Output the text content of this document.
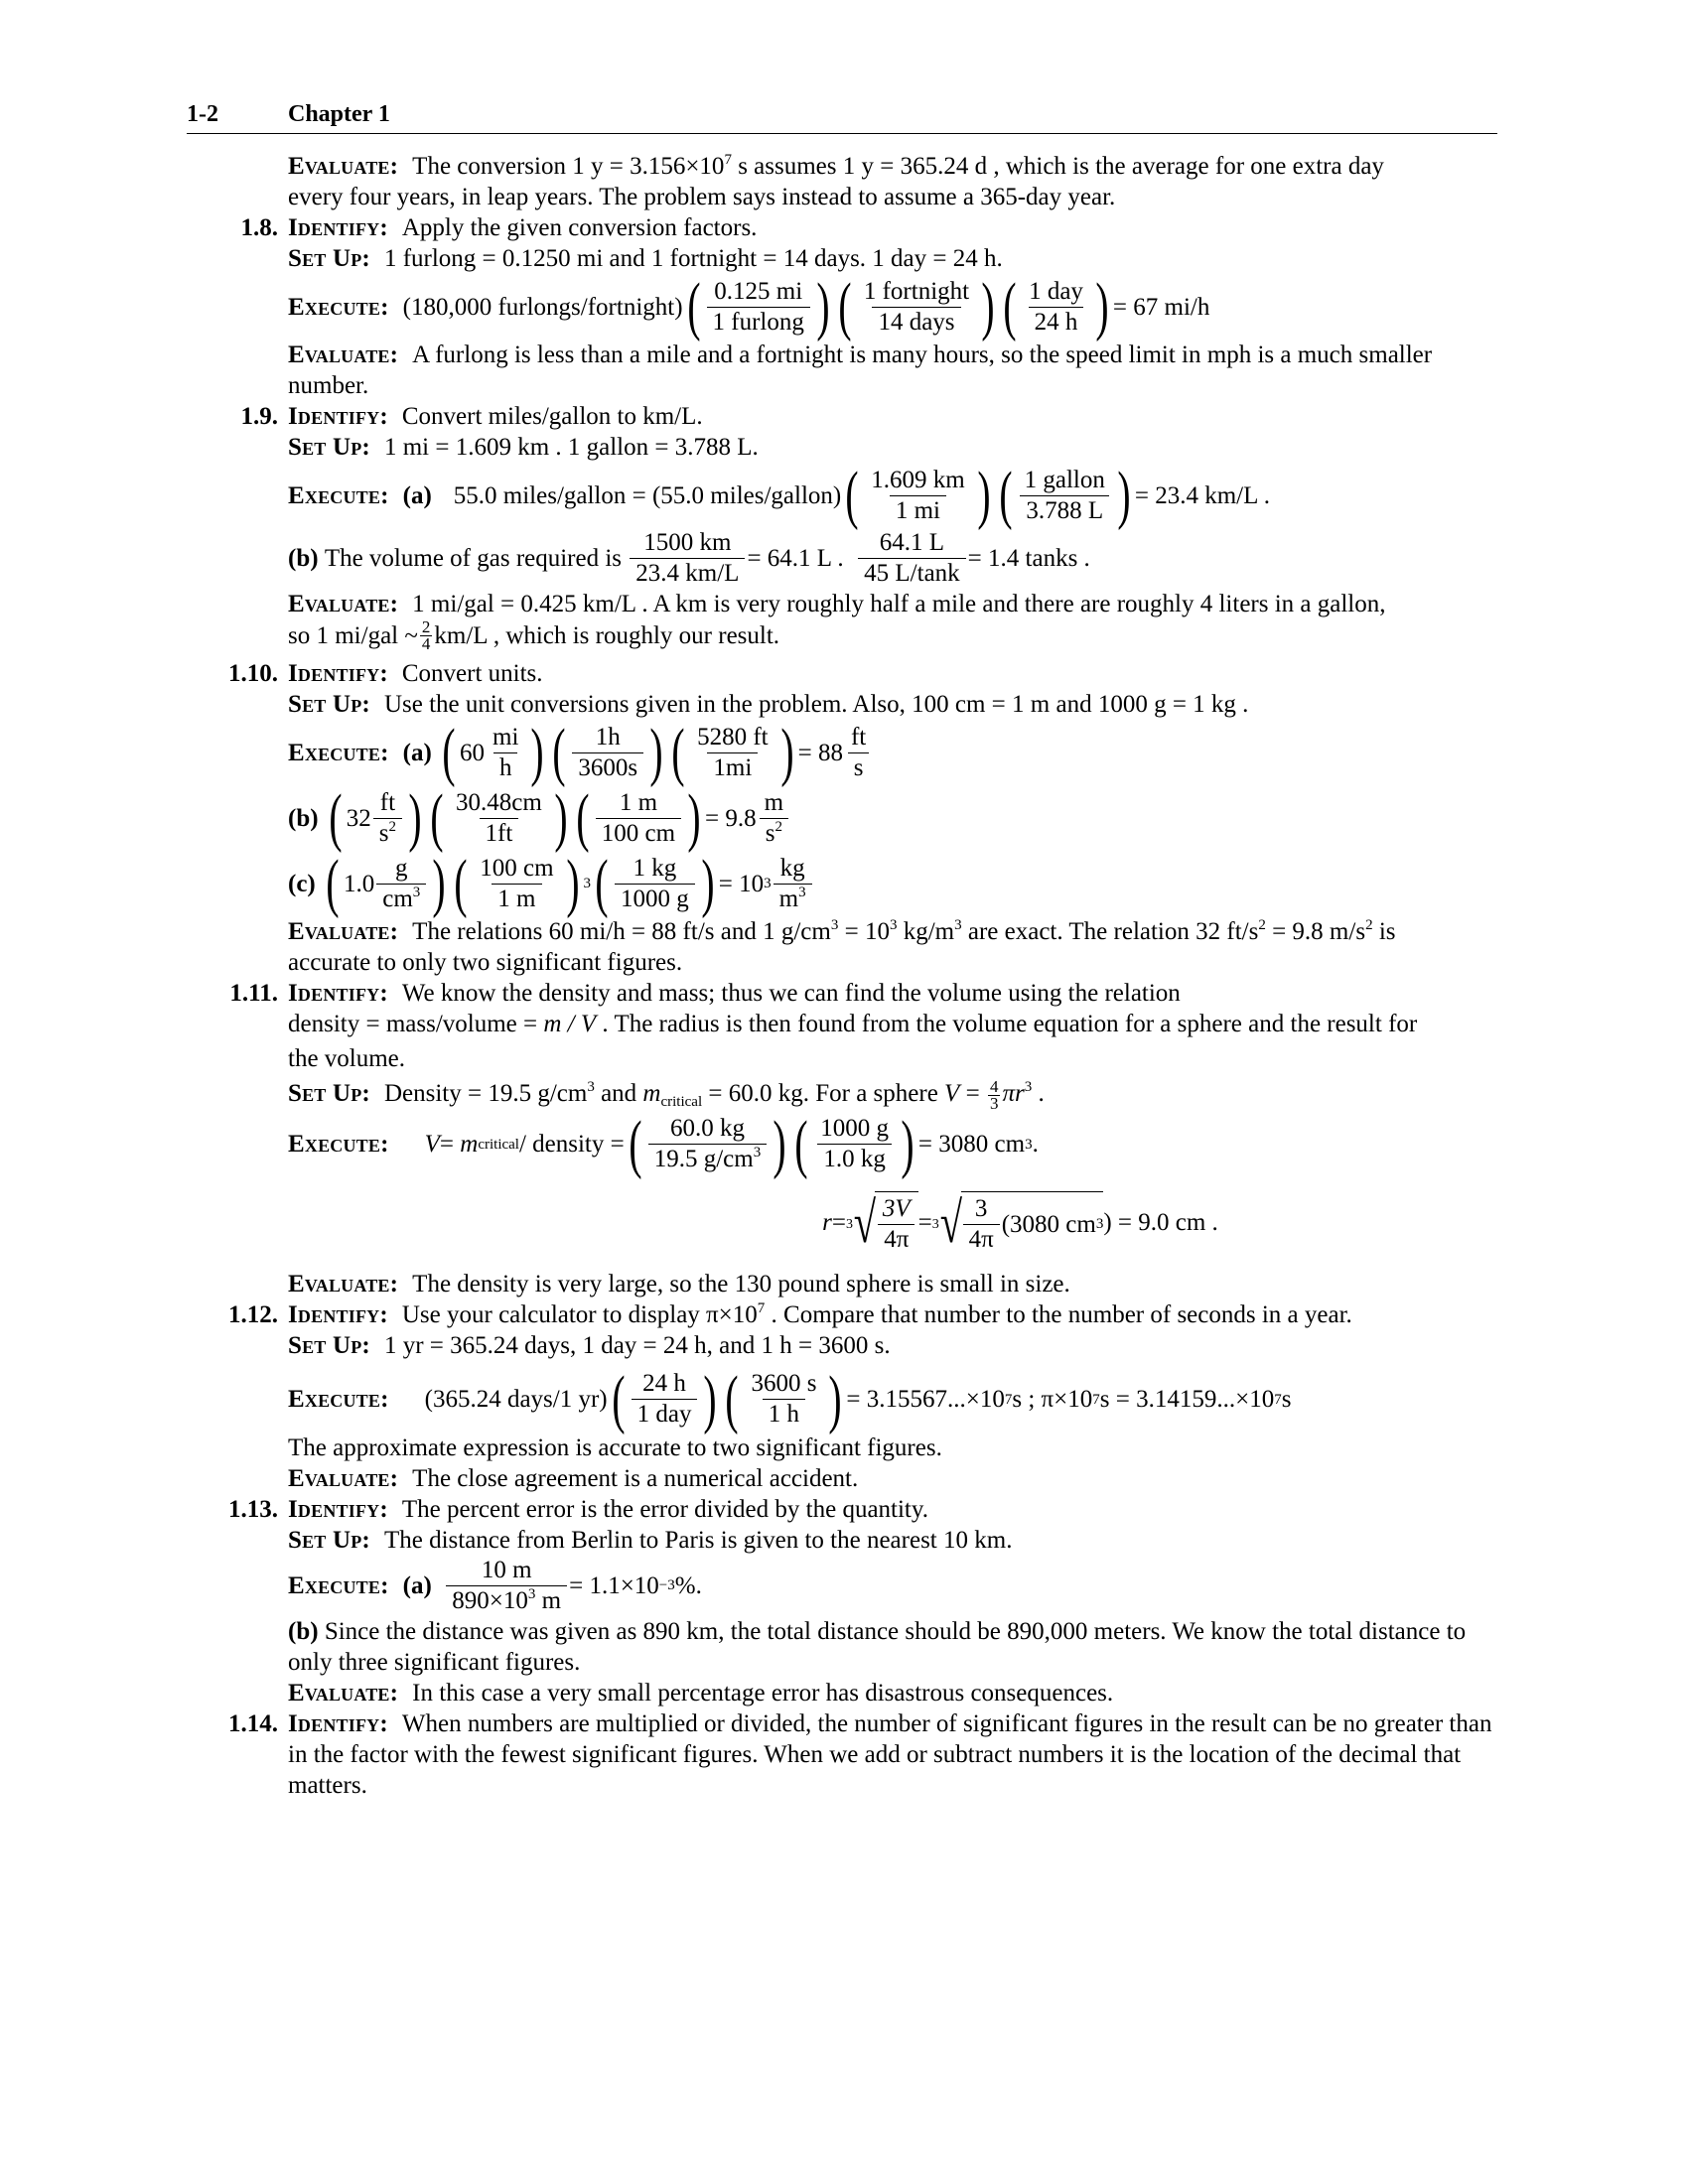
1-2	Chapter 1
Evaluate: The conversion 1 $y = 3.156\times 10^7$ s assumes 1 y = 365.24 d , which is the average for one extra day
every four years, in leap years. The problem says instead to assume a 365-day year.
1.8. Identify: Apply the given conversion factors.
Set Up: 1 furlong = 0.1250 mi and 1 fortnight = 14 days. 1 day = 24 h.
Execute: (180,000 furlongs/fortnight) ( $\frac{0.125 mi}{\text{1 furlong}}$ ) ( $\frac{\text{1 fortnight}}{\text{14 days}}$ ) ( $\frac{\text{1 day}}{24 h}$ ) = 67 mi/h
Evaluate: A furlong is less than a mile and a fortnight is many hours, so the speed limit in mph is a much smaller number.
1.9. Identify: Convert miles/gallon to km/L.
Set Up: 1 mi = 1.609 km . 1 gallon = 3.788 L.
Execute: (a) 55.0 miles/gallon = (55.0 miles/gallon) ( $\frac{1.609 km}{1 mi}$ ) ( $\frac{\text{1 gallon}}{3.788 L}$ ) = 23.4 km/L .
(b)
The volume of gas required is
$\frac{1500 km}{23.4 km/L} = 64.1$ L .
$\frac{64.1 L}{45 L/\tan k} = 1.4$ tanks .
Evaluate: 1 mi/gal = 0.425 km/L . A km is very roughly half a mile and there are roughly 4 liters in a gallon,
so 1 mi/gal ~ $\frac{2}{4} km/L$ , which is roughly our result.
1.10. Identify: Convert units.
Set Up: Use the unit conversions given in the problem. Also, 100 cm = 1 m and 1000 g = 1 kg .
Execute: (a)
( $60 \frac{mi}{h}$ ) ( $\frac{1h}{3600s}$ ) ( $\frac{5280 ft}{1mi}$ ) = $88 \frac{ft}{s}$
(b)
( $32 \frac{ft}{s^2}$ ) ( $\frac{30.48cm}{1ft}$ ) ( $\frac{1 m}{100 cm}$ ) = $9.8 \frac{m}{s^2}$
(c)
( $1.0 \frac{g}{cm^3}$ ) ( $\frac{100 cm}{1 m}$ ) 3 ( $\frac{1 kg}{1000 g}$ ) = 10 $3 \frac{kg}{m^3}$
Evaluate: The relations 60 mi/h = 88 ft/s and 1 $g/cm^3 = 10^3$ $kg/m^3$ are exact. The relation 32 $ft/s^2 = 9.8$ $m/s^2$ is
accurate to only two significant figures.
1.11. Identify: We know the density and mass; thus we can find the volume using the relation
density = mass/volume = m / V . The radius is then found from the volume equation for a sphere and the result for
the volume.
Set Up: Density = 19.5 $g/cm^3$ and $m_{critical} = 60.0$ kg. For a sphere $V = \frac{4}{3} \pi r^3$ .
Execute: V =
m critical / density = ( $\frac{60.0 kg}{19.5 g/cm^3}$ ) ( $\frac{1000 g}{1.0 kg}$ ) = 3080 cm 3 .
r = 3 √ $\frac{3V}{4\pi} = 3$ √ $\frac{3}{4\pi} (3080$ cm 3 ) = 9.0 cm .
Evaluate: The density is very large, so the 130 pound sphere is small in size.
1.12. Identify: Use your calculator to display $\pi\times 10^7$ . Compare that number to the number of seconds in a year.
Set Up: 1 yr = 365.24 days, 1 day = 24 h, and 1 h = 3600 s.
Execute: (365.24 days/1 yr) ( $\frac{24 h}{\text{1 day}}$ ) ( $\frac{3600 s}{1 h}$ ) = 3.15567...×10 7 s ; π×10 7 s = 3.14159...×10 7 s
The approximate expression is accurate to two significant figures.
Evaluate: The close agreement is a numerical accident.
1.13. Identify: The percent error is the error divided by the quantity.
Set Up: The distance from Berlin to Paris is given to the nearest 10 km.
Execute: (a)
$\frac{10 m}{890\times 10^3 m} = 1.1\times 10 -3$ %.
(b) Since the distance was given as 890 km, the total distance should be 890,000 meters. We know the total distance to only three significant figures.
Evaluate: In this case a very small percentage error has disastrous consequences.
1.14. Identify: When numbers are multiplied or divided, the number of significant figures in the result can be no greater than in the factor with the fewest significant figures. When we add or subtract numbers it is the location of the decimal that matters.
